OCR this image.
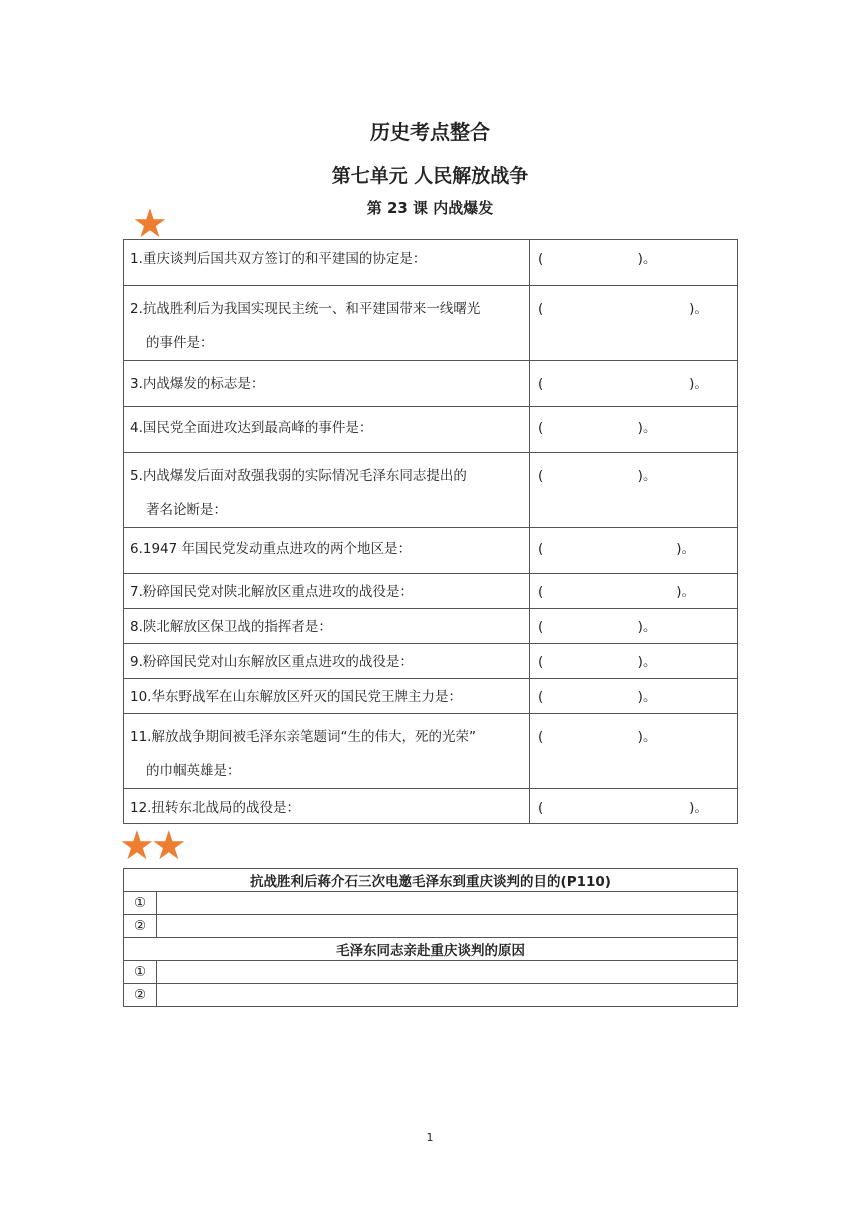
历史考点整合
第七单元 人民解放战争
第 23 课 内战爆发
★
1.重庆谈判后国共双方签订的和平建国的协定是：	(                      )。

2.抗战胜利后为我国实现民主统一、和平建国带来一线曙光
的事件是：	(                                  )。

3.内战爆发的标志是：	(                                  )。

4.国民党全面进攻达到最高峰的事件是：	(                      )。

5.内战爆发后面对敌强我弱的实际情况毛泽东同志提出的
著名论断是：	(                      )。

6.1947 年国民党发动重点进攻的两个地区是：	(                               )。

7.粉碎国民党对陕北解放区重点进攻的战役是：	(                               )。

8.陕北解放区保卫战的指挥者是：	(                      )。

9.粉碎国民党对山东解放区重点进攻的战役是：	(                      )。

10.华东野战军在山东解放区歼灭的国民党王牌主力是：	(                      )。

11.解放战争期间被毛泽东亲笔题词“生的伟大，死的光荣”
的巾帼英雄是：	(                      )。

12.扭转东北战局的战役是：	(                                  )。
★★
抗战胜利后蒋介石三次电邀毛泽东到重庆谈判的目的(P110)	
①	
②	
毛泽东同志亲赴重庆谈判的原因	
①	
②	
1
